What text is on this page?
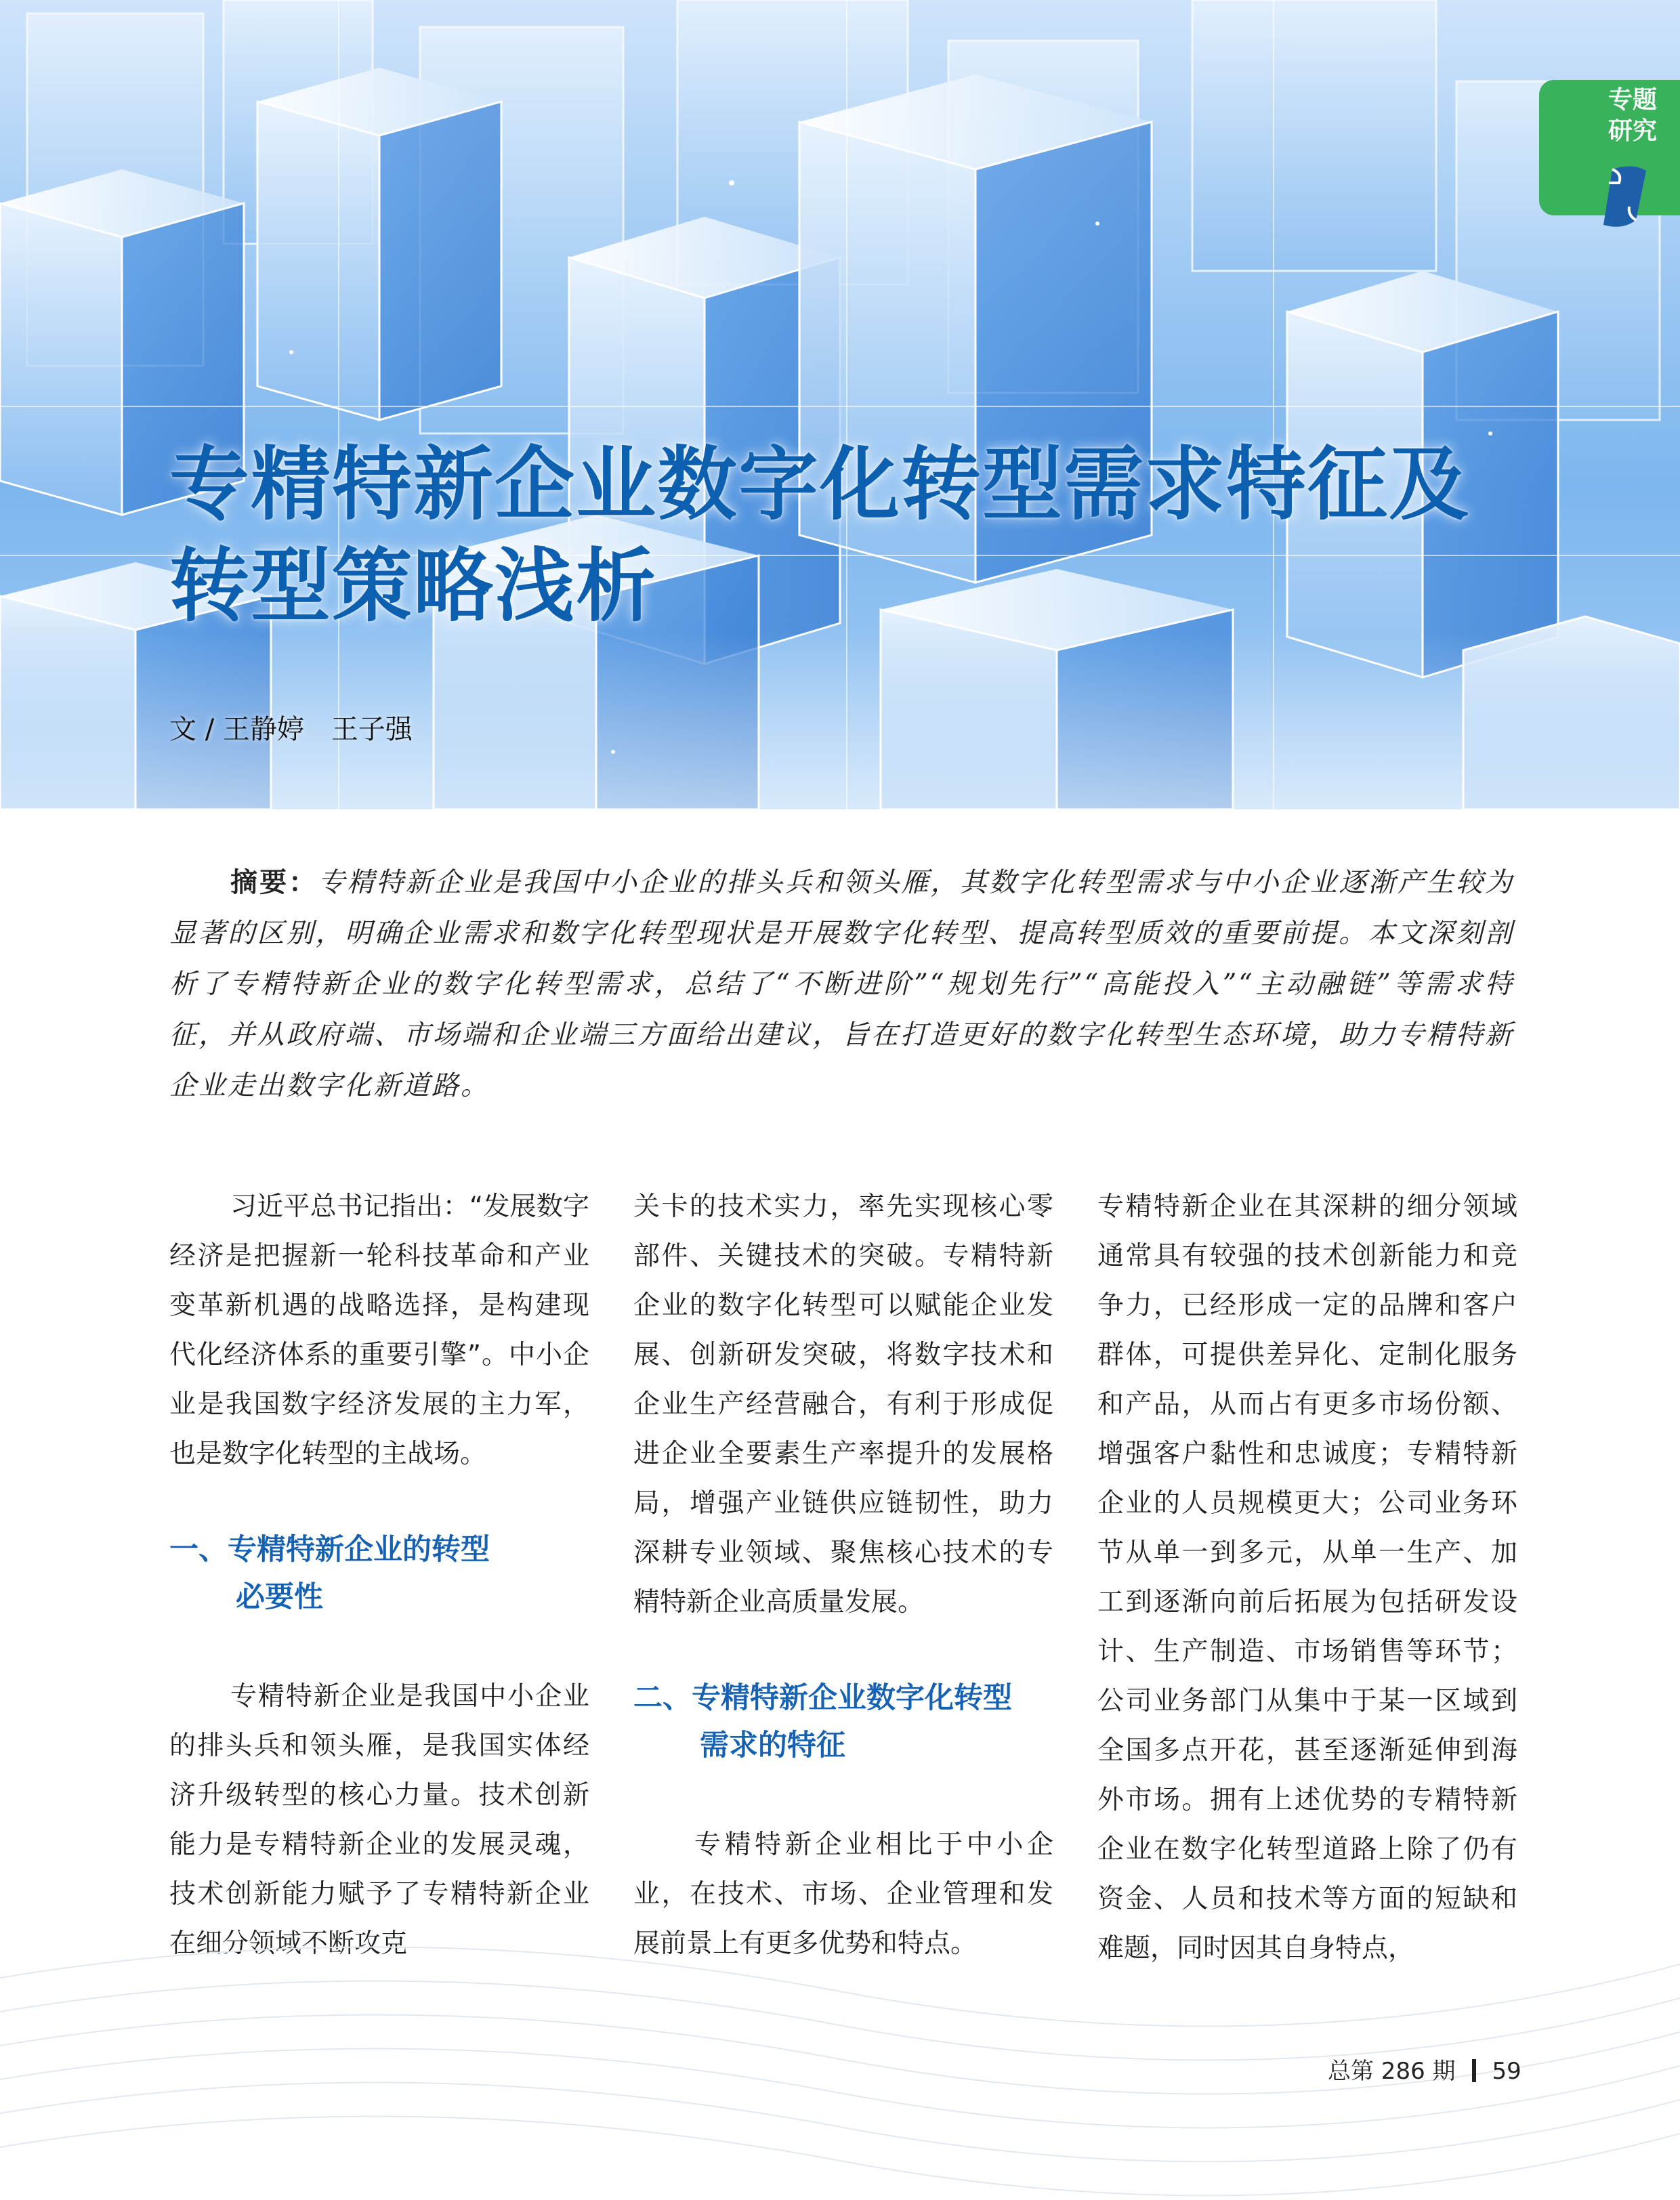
专精特新企业数字化转型需求特征及
转型策略浅析
文 / 王静婷　王子强
专题
研究
摘要：专精特新企业是我国中小企业的排头兵和领头雁，其数字化转型需求与中小企业逐渐产生较为显著的区别，明确企业需求和数字化转型现状是开展数字化转型、提高转型质效的重要前提。本文深刻剖析了专精特新企业的数字化转型需求，总结了“不断进阶”“规划先行”“高能投入”“主动融链”等需求特征，并从政府端、市场端和企业端三方面给出建议，旨在打造更好的数字化转型生态环境，助力专精特新企业走出数字化新道路。

习近平总书记指出：“发展数字经济是把握新一轮科技革命和产业变革新机遇的战略选择，是构建现代化经济体系的重要引擎”。中小企业是我国数字经济发展的主力军，也是数字化转型的主战场。

一、专精特新企业的转型
必要性

专精特新企业是我国中小企业的排头兵和领头雁，是我国实体经济升级转型的核心力量。技术创新能力是专精特新企业的发展灵魂，技术创新能力赋予了专精特新企业在细分领域不断攻克

关卡的技术实力，率先实现核心零部件、关键技术的突破。专精特新企业的数字化转型可以赋能企业发展、创新研发突破，将数字技术和企业生产经营融合，有利于形成促进企业全要素生产率提升的发展格局，增强产业链供应链韧性，助力深耕专业领域、聚焦核心技术的专精特新企业高质量发展。

二、专精特新企业数字化转型
需求的特征

专精特新企业相比于中小企业，在技术、市场、企业管理和发展前景上有更多优势和特点。

专精特新企业在其深耕的细分领域通常具有较强的技术创新能力和竞争力，已经形成一定的品牌和客户群体，可提供差异化、定制化服务和产品，从而占有更多市场份额、增强客户黏性和忠诚度；专精特新企业的人员规模更大；公司业务环节从单一到多元，从单一生产、加工到逐渐向前后拓展为包括研发设计、生产制造、市场销售等环节；公司业务部门从集中于某一区域到全国多点开花，甚至逐渐延伸到海外市场。拥有上述优势的专精特新企业在数字化转型道路上除了仍有资金、人员和技术等方面的短缺和难题，同时因其自身特点，

总第 286 期 59
